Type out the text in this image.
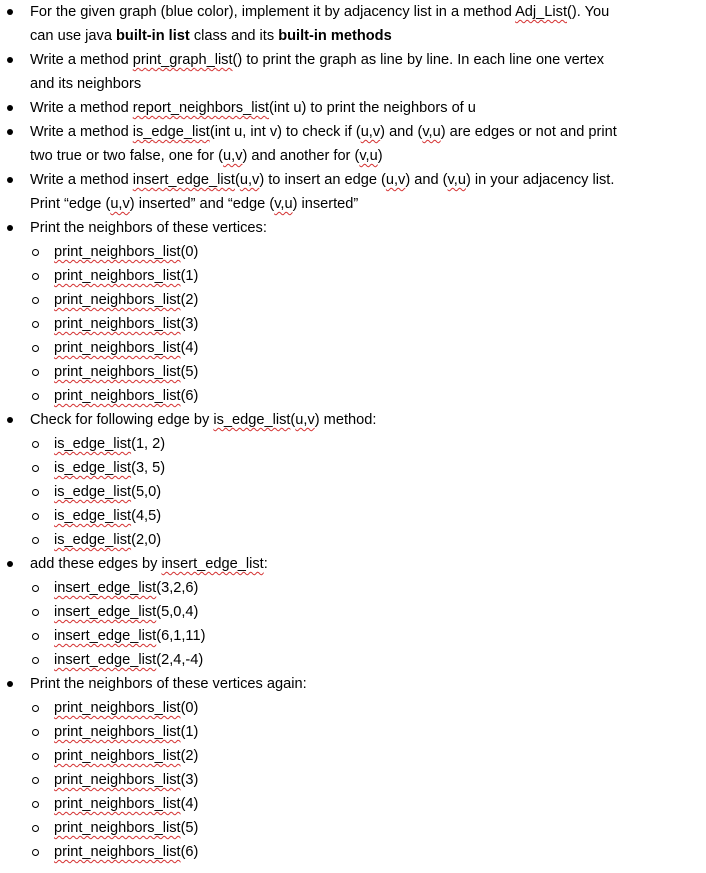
For the given graph (blue color), implement it by adjacency list in a method Adj_List(). You
can use java built-in list class and its built-in methods
Write a method print_graph_list() to print the graph as line by line. In each line one vertex
and its neighbors
Write a method report_neighbors_list(int u) to print the neighbors of u
Write a method is_edge_list(int u, int v) to check if (u,v) and (v,u) are edges or not and print
two true or two false, one for (u,v) and another for (v,u)
Write a method insert_edge_list(u,v) to insert an edge (u,v) and (v,u) in your adjacency list.
Print “edge (u,v) inserted” and “edge (v,u) inserted”
Print the neighbors of these vertices:
print_neighbors_list(0)
print_neighbors_list(1)
print_neighbors_list(2)
print_neighbors_list(3)
print_neighbors_list(4)
print_neighbors_list(5)
print_neighbors_list(6)
Check for following edge by is_edge_list(u,v) method:
is_edge_list(1, 2)
is_edge_list(3, 5)
is_edge_list(5,0)
is_edge_list(4,5)
is_edge_list(2,0)
add these edges by insert_edge_list:
insert_edge_list(3,2,6)
insert_edge_list(5,0,4)
insert_edge_list(6,1,11)
insert_edge_list(2,4,-4)
Print the neighbors of these vertices again:
print_neighbors_list(0)
print_neighbors_list(1)
print_neighbors_list(2)
print_neighbors_list(3)
print_neighbors_list(4)
print_neighbors_list(5)
print_neighbors_list(6)
